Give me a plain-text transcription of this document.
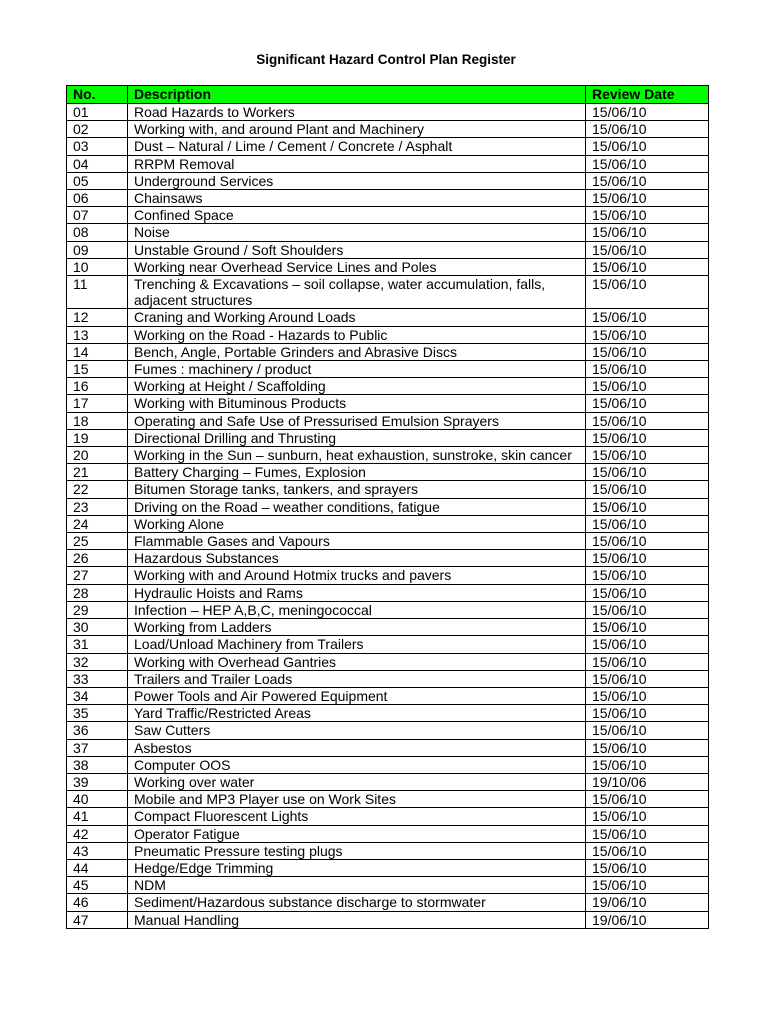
Significant Hazard Control Plan Register
No.	Description	Review Date
01	Road Hazards to Workers	15/06/10
02	Working with, and around Plant and Machinery	15/06/10
03	Dust – Natural / Lime / Cement / Concrete / Asphalt	15/06/10
04	RRPM Removal	15/06/10
05	Underground Services	15/06/10
06	Chainsaws	15/06/10
07	Confined Space	15/06/10
08	Noise	15/06/10
09	Unstable Ground / Soft Shoulders	15/06/10
10	Working near Overhead Service Lines and Poles	15/06/10
11	Trenching & Excavations – soil collapse, water accumulation, falls, adjacent structures	15/06/10
12	Craning and Working Around Loads	15/06/10
13	Working on the Road - Hazards to Public	15/06/10
14	Bench, Angle, Portable Grinders and Abrasive Discs	15/06/10
15	Fumes : machinery / product	15/06/10
16	Working at Height / Scaffolding	15/06/10
17	Working with Bituminous Products	15/06/10
18	Operating and Safe Use of Pressurised Emulsion Sprayers	15/06/10
19	Directional Drilling and Thrusting	15/06/10
20	Working in the Sun – sunburn, heat exhaustion, sunstroke, skin cancer	15/06/10
21	Battery Charging – Fumes, Explosion	15/06/10
22	Bitumen Storage tanks, tankers, and sprayers	15/06/10
23	Driving on the Road – weather conditions, fatigue	15/06/10
24	Working Alone	15/06/10
25	Flammable Gases and Vapours	15/06/10
26	Hazardous Substances	15/06/10
27	Working with and Around Hotmix trucks and pavers	15/06/10
28	Hydraulic Hoists and Rams	15/06/10
29	Infection – HEP A,B,C, meningococcal	15/06/10
30	Working from Ladders	15/06/10
31	Load/Unload Machinery from Trailers	15/06/10
32	Working with Overhead Gantries	15/06/10
33	Trailers and Trailer Loads	15/06/10
34	Power Tools and Air Powered Equipment	15/06/10
35	Yard Traffic/Restricted Areas	15/06/10
36	Saw Cutters	15/06/10
37	Asbestos	15/06/10
38	Computer OOS	15/06/10
39	Working over water	19/10/06
40	Mobile and MP3 Player use on Work Sites	15/06/10
41	Compact Fluorescent Lights	15/06/10
42	Operator Fatigue	15/06/10
43	Pneumatic Pressure testing plugs	15/06/10
44	Hedge/Edge Trimming	15/06/10
45	NDM	15/06/10
46	Sediment/Hazardous substance discharge to stormwater	19/06/10
47	Manual Handling	19/06/10
